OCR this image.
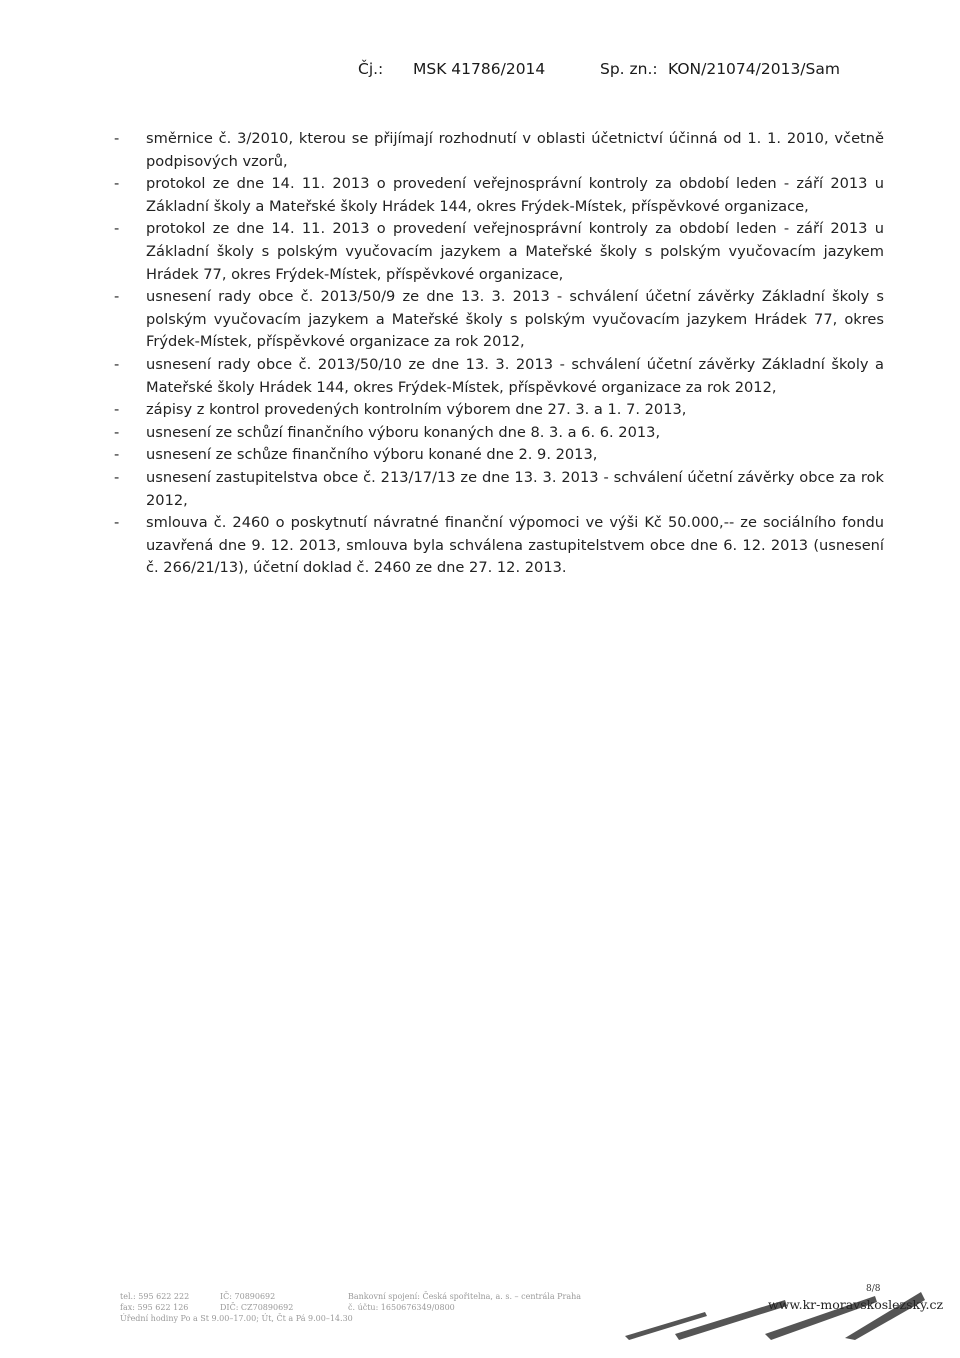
Čj.: MSK 41786/2014	Sp. zn.: KON/21074/2013/Sam
- směrnice č. 3/2010, kterou se přijímají rozhodnutí v oblasti účetnictví účinná od 1. 1. 2010, včetně podpisových vzorů,
- protokol ze dne 14. 11. 2013 o provedení veřejnosprávní kontroly za období leden - září 2013 u Základní školy a Mateřské školy Hrádek 144, okres Frýdek-Místek, příspěvkové organizace,
- protokol ze dne 14. 11. 2013 o provedení veřejnosprávní kontroly za období leden - září 2013 u Základní školy s polským vyučovacím jazykem a Mateřské školy s polským vyučovacím jazykem Hrádek 77, okres Frýdek-Místek, příspěvkové organizace,
- usnesení rady obce č. 2013/50/9 ze dne 13. 3. 2013 - schválení účetní závěrky Základní školy s polským vyučovacím jazykem a Mateřské školy s polským vyučovacím jazykem Hrádek 77, okres Frýdek-Místek, příspěvkové organizace za rok 2012,
- usnesení rady obce č. 2013/50/10 ze dne 13. 3. 2013 - schválení účetní závěrky Základní školy a Mateřské školy Hrádek 144, okres Frýdek-Místek, příspěvkové organizace za rok 2012,
- zápisy z kontrol provedených kontrolním výborem dne 27. 3. a 1. 7. 2013,
- usnesení ze schůzí finančního výboru konaných dne 8. 3. a 6. 6. 2013,
- usnesení ze schůze finančního výboru konané dne 2. 9. 2013,
- usnesení zastupitelstva obce č. 213/17/13 ze dne 13. 3. 2013 - schválení účetní závěrky obce za rok 2012,
- smlouva č. 2460 o poskytnutí návratné finanční výpomoci ve výši Kč 50.000,-- ze sociálního fondu uzavřená dne 9. 12. 2013, smlouva byla schválena zastupitelstvem obce dne 6. 12. 2013 (usnesení č. 266/21/13), účetní doklad č. 2460 ze dne 27. 12. 2013.
tel.: 595 622 222
fax: 595 622 126
Úřední hodiny Po a St 9.00–17.00; Út, Čt a Pá 9.00–14.30
IČ: 70890692
DIČ: CZ70890692
Bankovní spojení: Česká spořitelna, a. s. – centrála Praha
č. účtu: 1650676349/0800
8/8
www.kr-moravskoslezsky.cz
